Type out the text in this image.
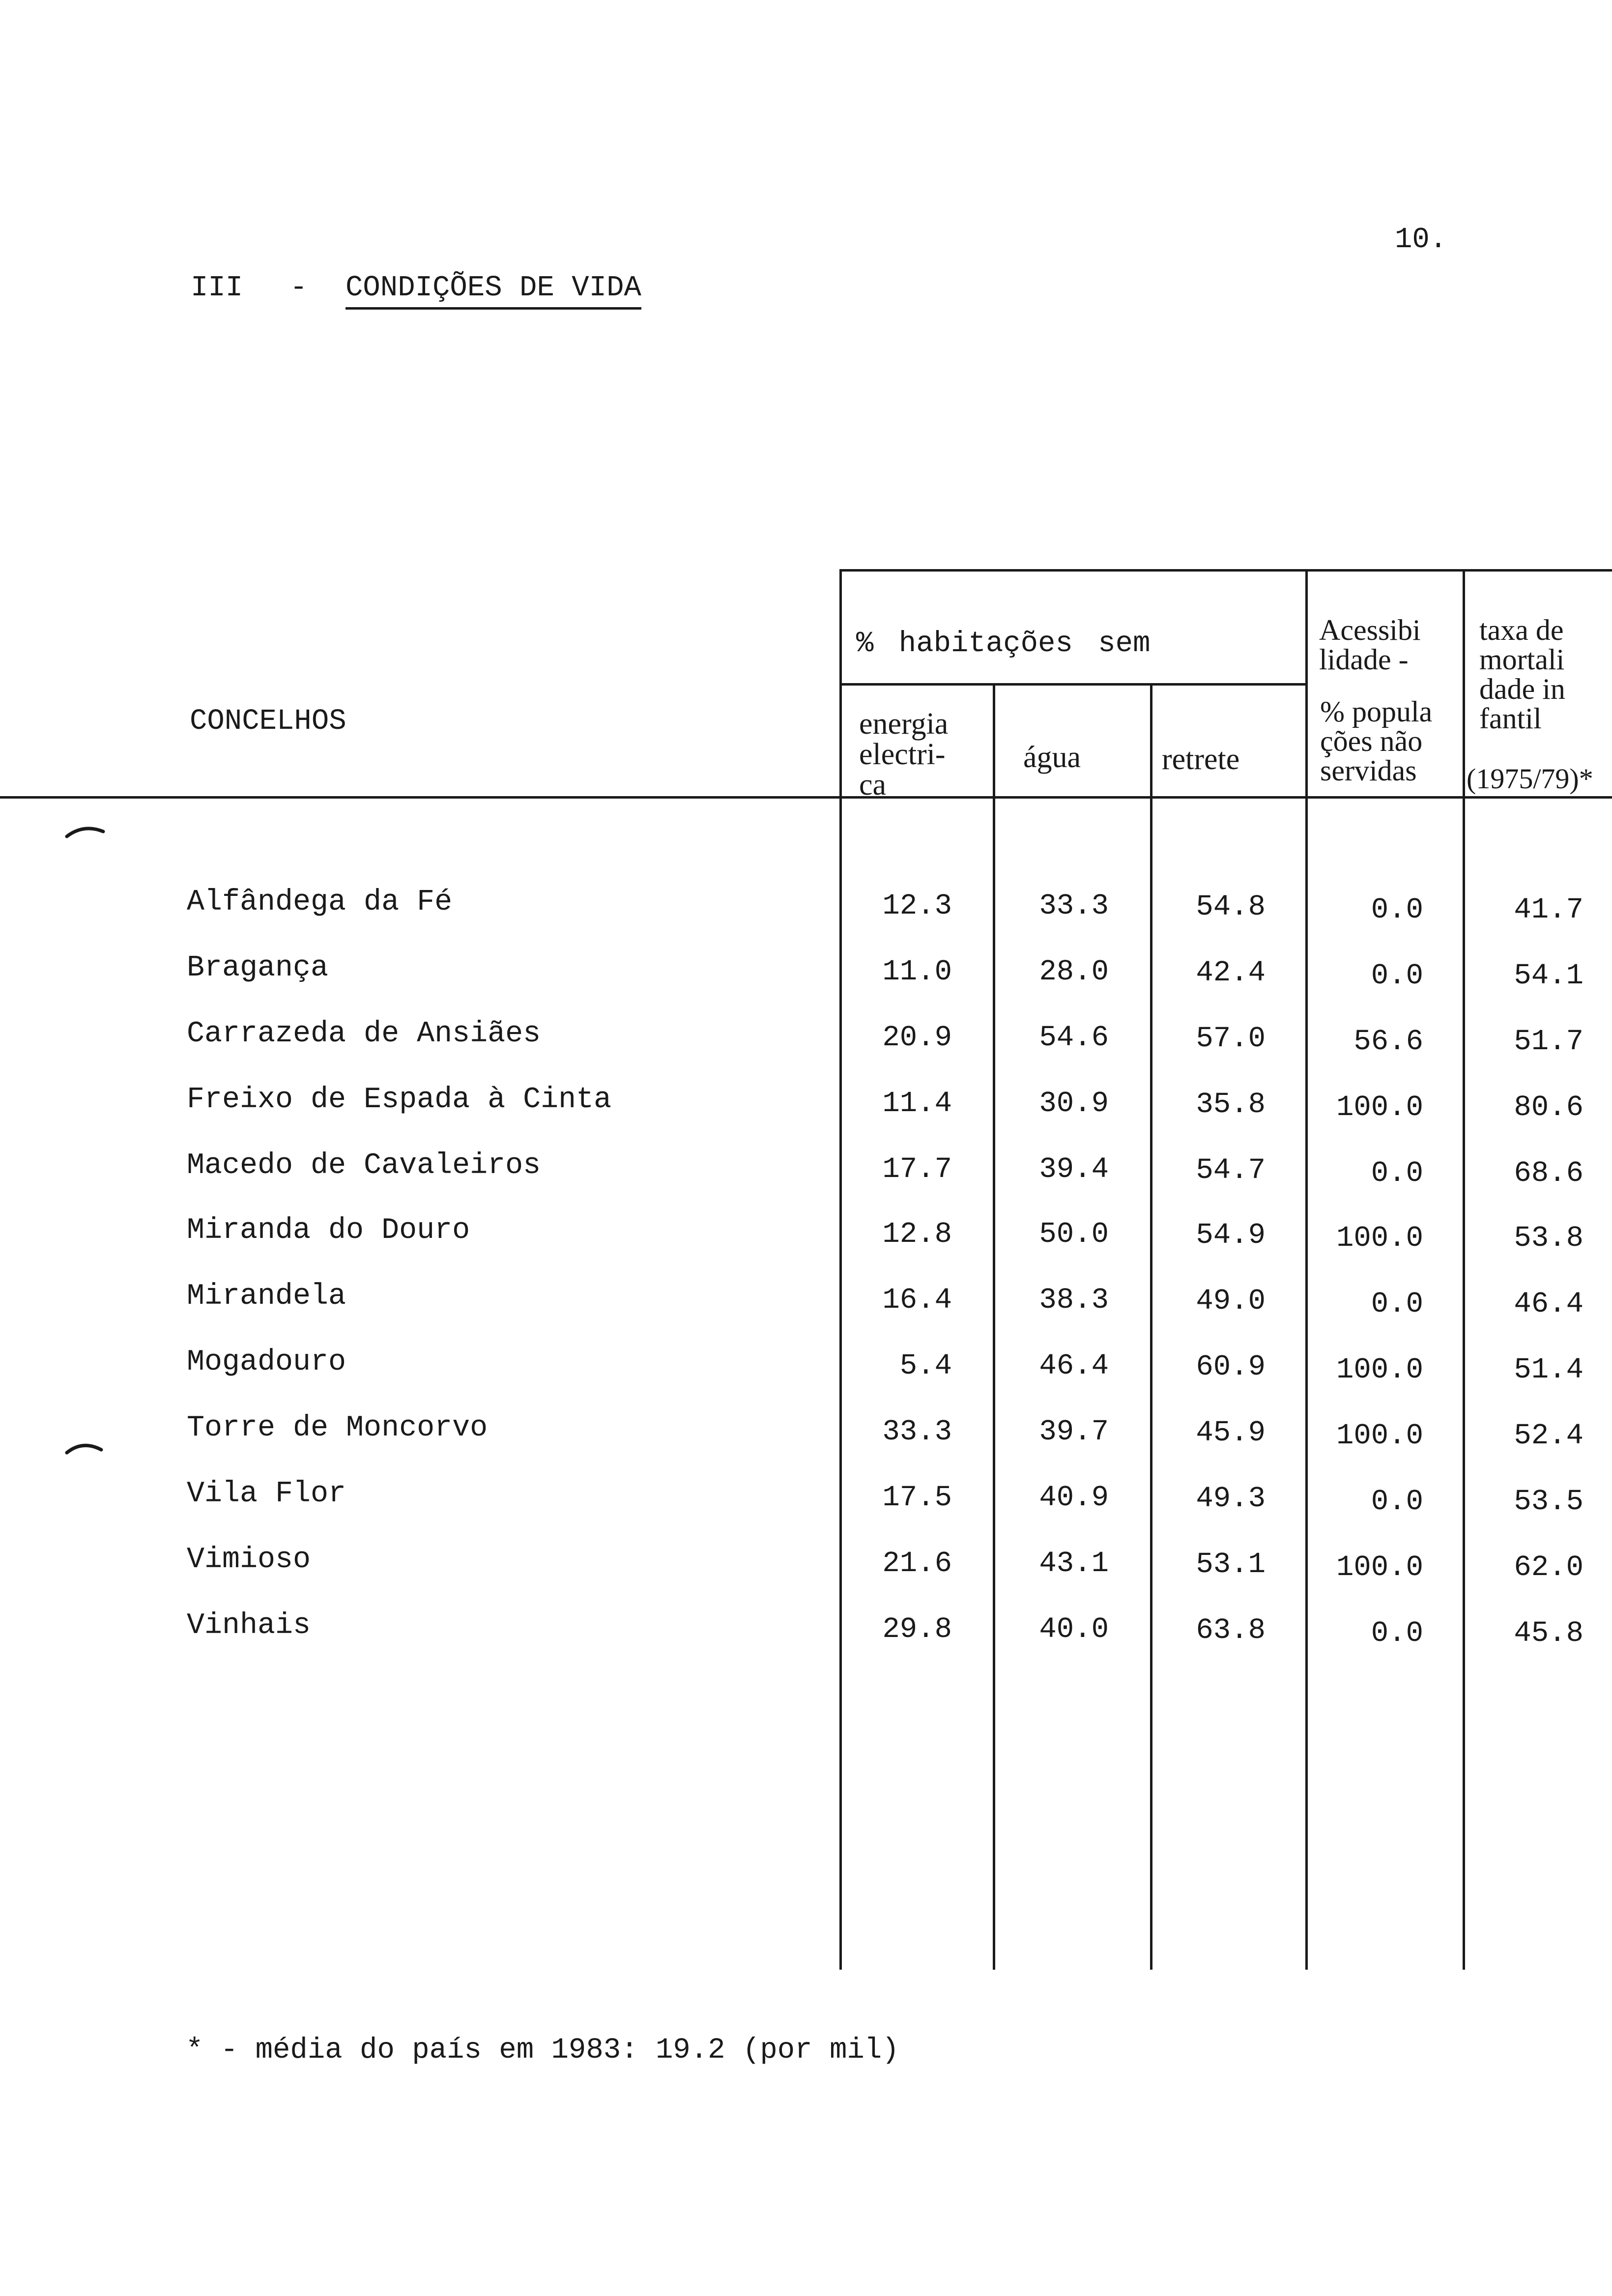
10.
III - CONDIÇÕES DE VIDA
CONCELHOS
% habitações sem
energia
electri-
ca
água	retrete
Acessibi
lidade -
% popula
ções não
servidas
taxa de
mortali
dade in
fantil
(1975/79)*
Alfândega da Fé	12.3	33.3	54.8	0.0	41.7
Bragança	11.0	28.0	42.4	0.0	54.1
Carrazeda de Ansiães	20.9	54.6	57.0	56.6	51.7
Freixo de Espada à Cinta	11.4	30.9	35.8 100.0	80.6
Macedo de Cavaleiros	17.7	39.4	54.7	0.0	68.6
Miranda do Douro	12.8	50.0	54.9 100.0	53.8
Mirandela	16.4	38.3	49.0	0.0	46.4
Mogadouro	5.4	46.4	60.9 100.0	51.4
Torre de Moncorvo	33.3	39.7	45.9 100.0	52.4
Vila Flor	17.5	40.9	49.3	0.0	53.5
Vimioso	21.6	43.1	53.1 100.0	62.0
Vinhais	29.8	40.0	63.8	0.0	45.8
* - média do país em 1983: 19.2 (por mil)
